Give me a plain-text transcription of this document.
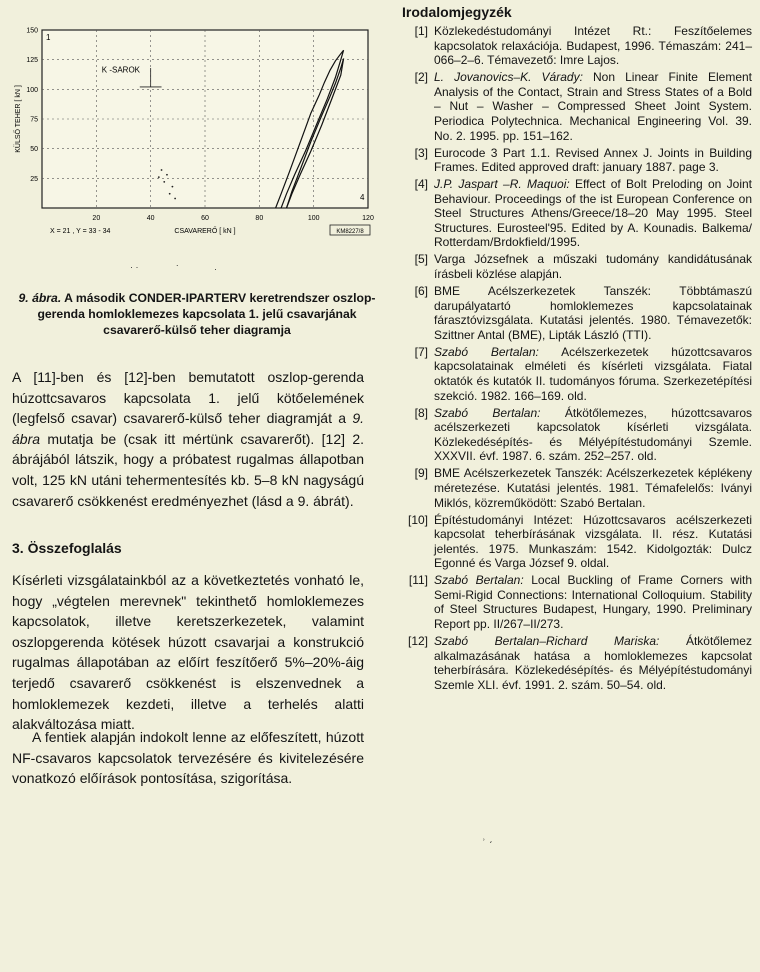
20	40	60	80	100	120
25
50
75
100
125
150
KÜLSŐ TEHER [ kN ]
CSAVARERŐ [ kN ]
X = 21 , Y = 33 - 34	KM8227/8
1
4
K -SAROK
· ·	.
·
9. ábra. A második CONDER-IPARTERV keretrendszer oszlop-gerenda homloklemezes kapcsolata 1. jelű csavarjának csavarerő-külső teher diagramja

A [11]-ben és [12]-ben bemutatott oszlop-gerenda húzottcsavaros kapcsolata 1. jelű kötőelemének (legfelső csavar) csavarerő-külső teher diagramját a 9. ábra mutatja be (csak itt mértünk csavarerőt). [12] 2. ábrájából látszik, hogy a próbatest rugalmas állapotban volt, 125 kN utáni tehermentesítés kb. 5–8 kN nagyságú csavarerő csökkenést eredményezhet (lásd a 9. ábrát).

3. Összefoglalás

Kísérleti vizsgálatainkból az a következtetés vonható le, hogy „végtelen merevnek" tekinthető homloklemezes kapcsolatok, illetve keretszerkezetek, valamint oszlopgerenda kötések húzott csavarjai a konstrukció rugalmas állapotában az előírt feszítőerő 5%–20%-áig terjedő csavarerő csökkenést is elszenvednek a homloklemezek kezdeti, illetve a terhelés alatti alakváltozása miatt.

A fentiek alapján indokolt lenne az előfeszített, húzott NF-csavaros kapcsolatok tervezésére és kivitelezésére vonatkozó előírások pontosítása, szigorítása.

Irodalomjegyzék
[1] Közlekedéstudományi Intézet Rt.: Feszítőelemes kapcsolatok relaxációja. Budapest, 1996. Témaszám: 241–066–2–6. Témavezető: Imre Lajos.
[2] L. Jovanovics–K. Várady: Non Linear Finite Element Analysis of the Contact, Strain and Stress States of a Bold – Nut – Washer – Compressed Sheet Joint System. Periodica Polytechnica. Mechanical Engineering Vol. 39. No. 2. 1995. pp. 151–162.
[3] Eurocode 3 Part 1.1. Revised Annex J. Joints in Building Frames. Edited approved draft: january 1887. page 3.
[4] J.P. Jaspart –R. Maquoi: Effect of Bolt Preloding on Joint Behaviour. Proceedings of the ist European Conference on Steel Structures Athens/Greece/18–20 May 1995. Steel Structures. Eurosteel'95. Edited by A. Kounadis. Balkema/ Rotterdam/Brdokfield/1995.
[5] Varga Józsefnek a műszaki tudomány kandidátusának írásbeli közlése alapján.
[6] BME Acélszerkezetek Tanszék: Többtámaszú darupályatartó homloklemezes kapcsolatainak fárasztóvizsgálata. Kutatási jelentés. 1980. Témavezetők: Szittner Antal (BME), Lipták László (TTI).
[7] Szabó Bertalan: Acélszerkezetek húzottcsavaros kapcsolatainak elméleti és kísérleti vizsgálata. Fiatal oktatók és kutatók II. tudományos fóruma. Szerkezetépítési szekció. 1982. 166–169. old.
[8] Szabó Bertalan: Átkötőlemezes, húzottcsavaros acélszerkezeti kapcsolatok kísérleti vizsgálata. Közlekedésépítés- és Mélyépítéstudományi Szemle. XXXVII. évf. 1987. 6. szám. 252–257. old.
[9] BME Acélszerkezetek Tanszék: Acélszerkezetek képlékeny méretezése. Kutatási jelentés. 1981. Témafelelős: Iványi Miklós, közreműködött: Szabó Bertalan.
[10] Építéstudományi Intézet: Húzottcsavaros acélszerkezeti kapcsolat teherbírásának vizsgálata. II. rész. Kutatási jelentés. 1975. Munkaszám: 1542. Kidolgozták: Dulcz Egonné és Varga József 9. oldal.
[11] Szabó Bertalan: Local Buckling of Frame Corners with Semi-Rigid Connections: International Colloquium. Stability of Steel Structures Budapest, Hungary, 1990. Preliminary Report pp. II/267–II/273.
[12] Szabó Bertalan–Richard Mariska: Átkötőlemez alkalmazásának hatása a homloklemezes kapcsolat teherbírására. Közlekedésépítés- és Mélyépítéstudományi Szemle XLI. évf. 1991. 2. szám. 50–54. old.
˒ ˏ
